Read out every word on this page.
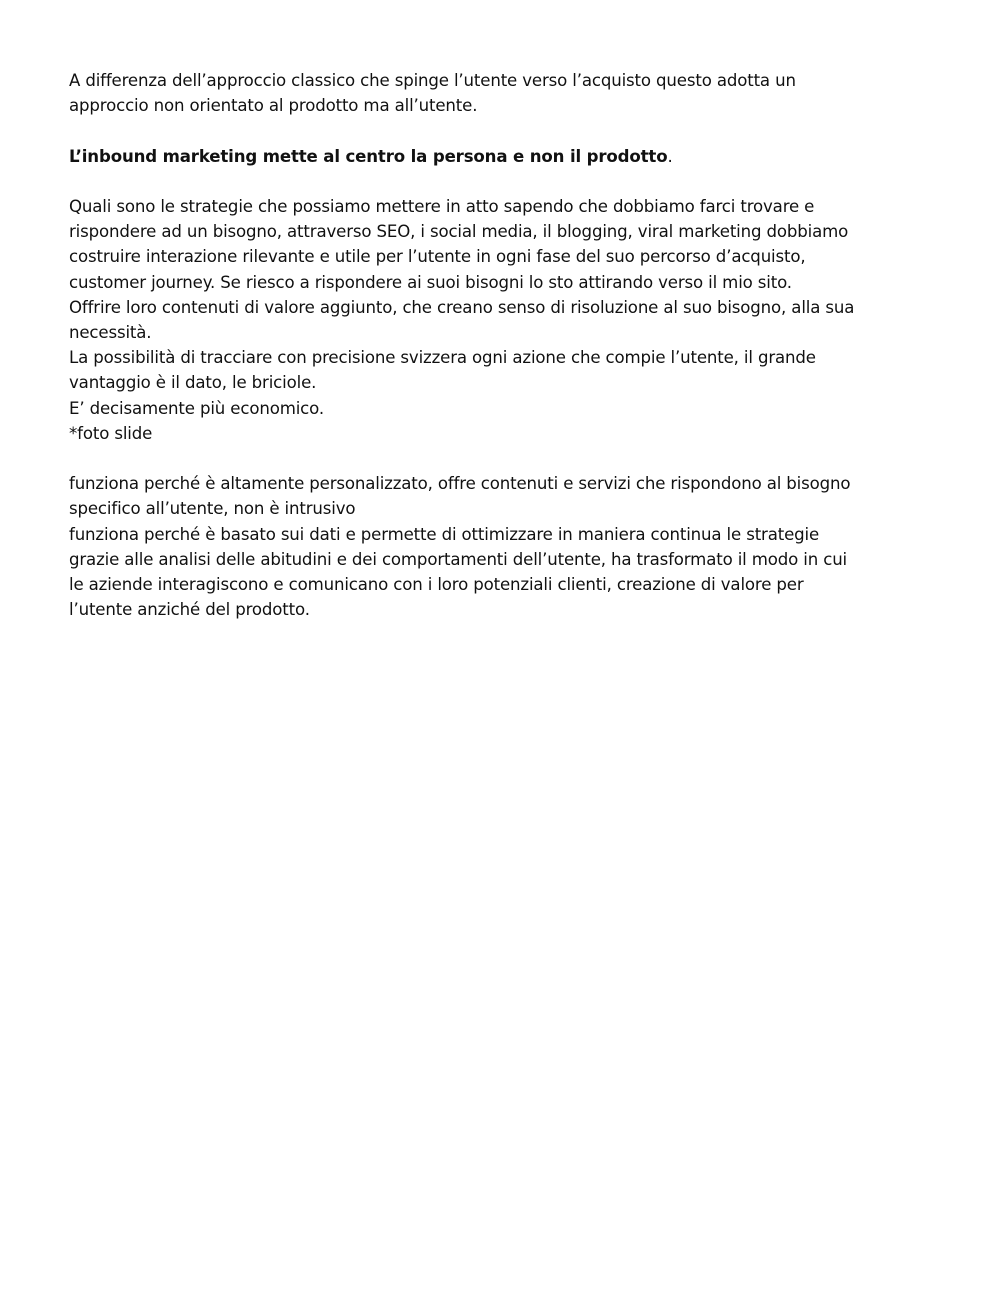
A differenza dell’approccio classico che spinge l’utente verso l’acquisto questo adotta un
approccio non orientato al prodotto ma all’utente.

L’inbound marketing mette al centro la persona e non il prodotto.

Quali sono le strategie che possiamo mettere in atto sapendo che dobbiamo farci trovare e
rispondere ad un bisogno, attraverso SEO, i social media, il blogging, viral marketing dobbiamo
costruire interazione rilevante e utile per l’utente in ogni fase del suo percorso d’acquisto,
customer journey. Se riesco a rispondere ai suoi bisogni lo sto attirando verso il mio sito.
Offrire loro contenuti di valore aggiunto, che creano senso di risoluzione al suo bisogno, alla sua
necessità.
La possibilità di tracciare con precisione svizzera ogni azione che compie l’utente, il grande
vantaggio è il dato, le briciole.
E’ decisamente più economico.
*foto slide

funziona perché è altamente personalizzato, offre contenuti e servizi che rispondono al bisogno
specifico all’utente, non è intrusivo
funziona perché è basato sui dati e permette di ottimizzare in maniera continua le strategie
grazie alle analisi delle abitudini e dei comportamenti dell’utente, ha trasformato il modo in cui
le aziende interagiscono e comunicano con i loro potenziali clienti, creazione di valore per
l’utente anziché del prodotto.
